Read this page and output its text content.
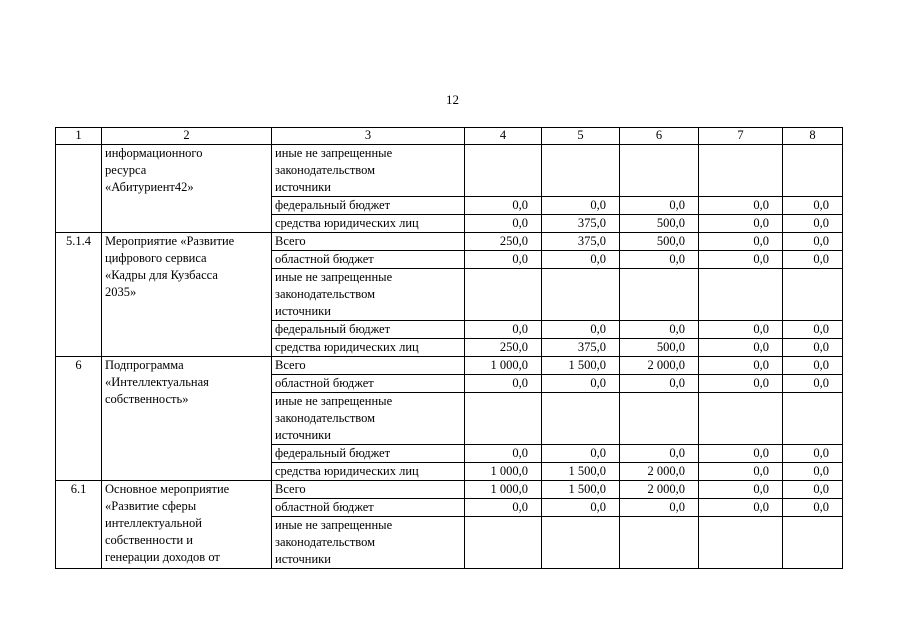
12
1	2	3	4	5	6	7	8
	информационного
ресурса
«Абитуриент42»	иные не запрещенные
законодательством
источники					
		федеральный бюджет	0,0	0,0	0,0	0,0	0,0
		средства юридических лиц	0,0	375,0	500,0	0,0	0,0
5.1.4	Мероприятие «Развитие
цифрового сервиса
«Кадры для Кузбасса
2035»	Всего	250,0	375,0	500,0	0,0	0,0
		областной бюджет	0,0	0,0	0,0	0,0	0,0
		иные не запрещенные
законодательством
источники					
		федеральный бюджет	0,0	0,0	0,0	0,0	0,0
		средства юридических лиц	250,0	375,0	500,0	0,0	0,0
6	Подпрограмма
«Интеллектуальная
собственность»	Всего	1 000,0	1 500,0	2 000,0	0,0	0,0
		областной бюджет	0,0	0,0	0,0	0,0	0,0
		иные не запрещенные
законодательством
источники					
		федеральный бюджет	0,0	0,0	0,0	0,0	0,0
		средства юридических лиц	1 000,0	1 500,0	2 000,0	0,0	0,0
6.1	Основное мероприятие
«Развитие сферы
интеллектуальной
собственности и
генерации доходов от	Всего	1 000,0	1 500,0	2 000,0	0,0	0,0
		областной бюджет	0,0	0,0	0,0	0,0	0,0
		иные не запрещенные
законодательством
источники					
